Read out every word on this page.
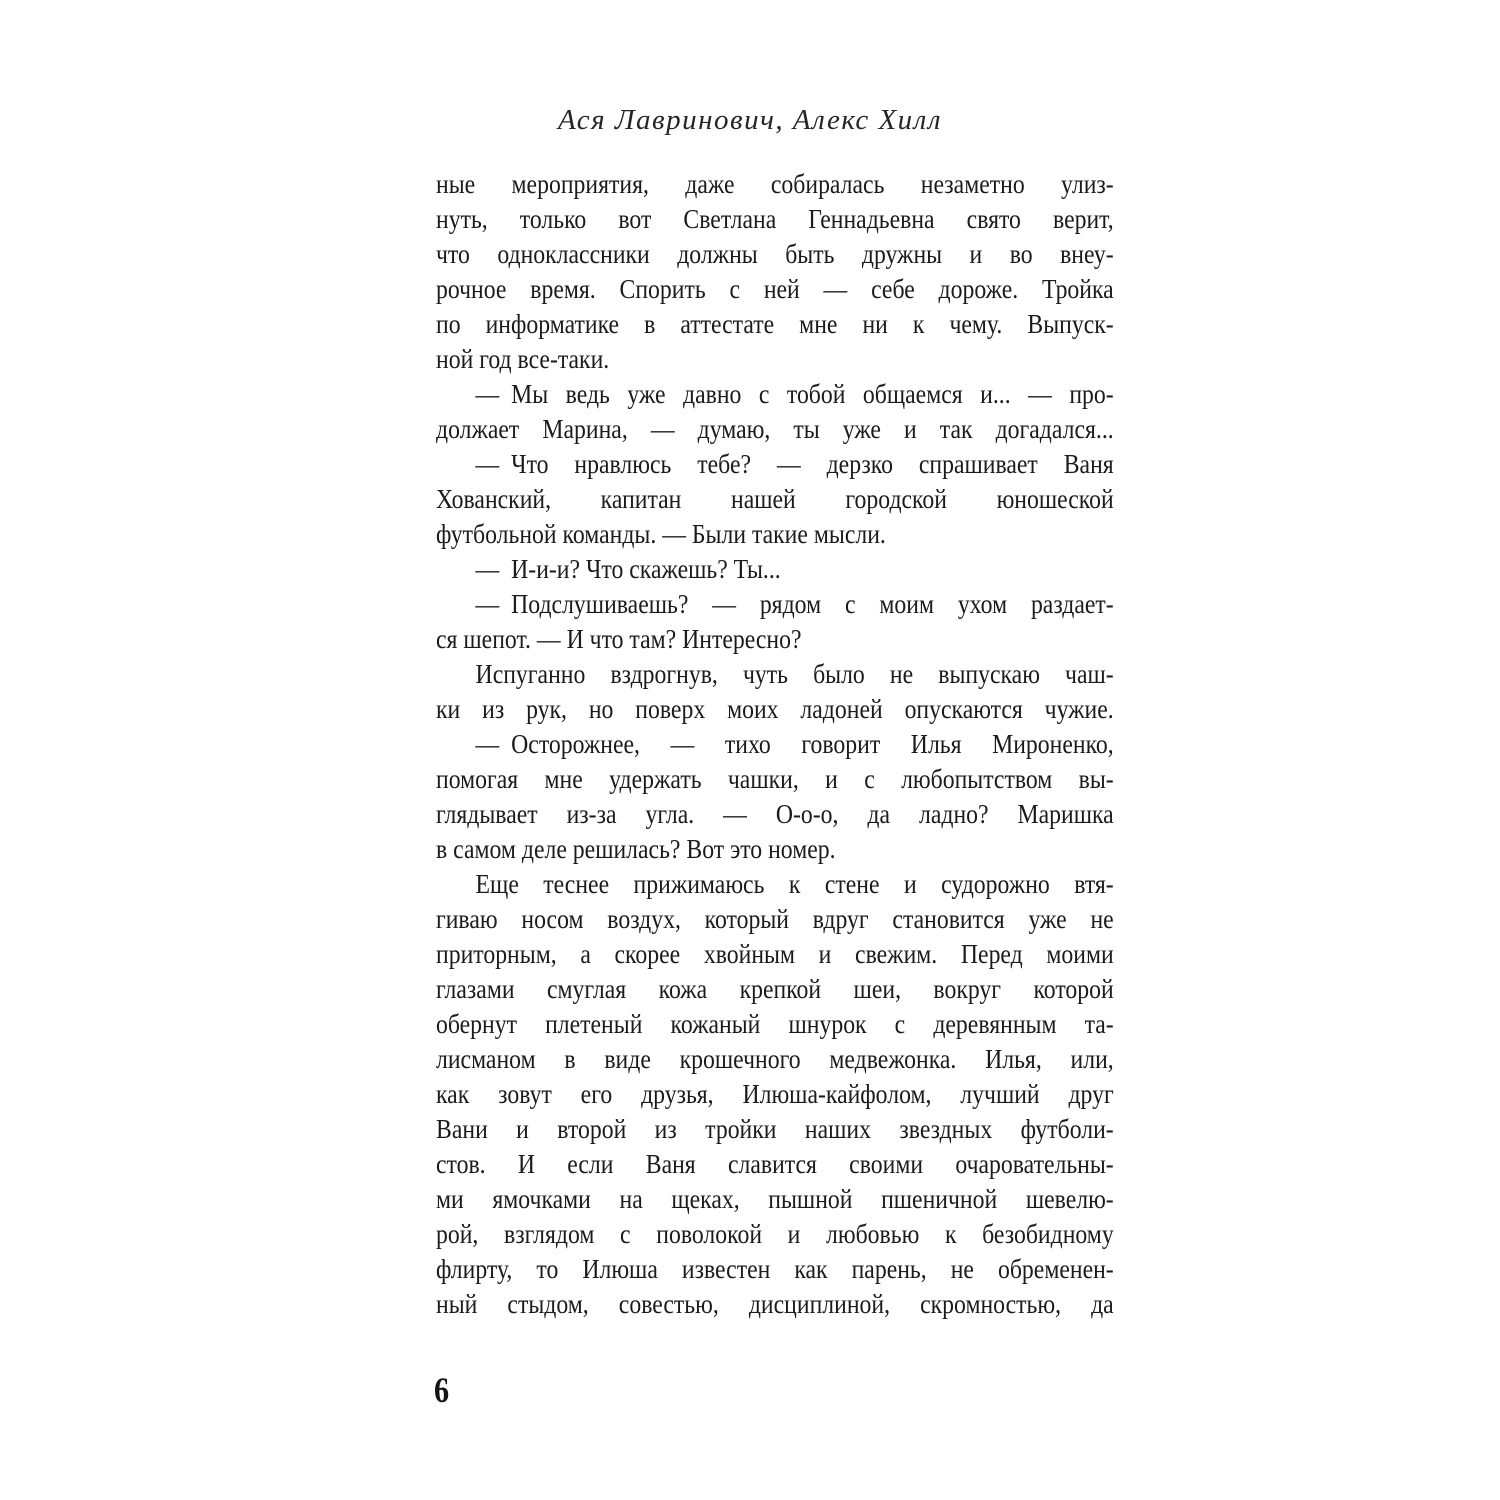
Ася Лавринович, Алекс Хилл
ные мероприятия, даже собиралась незаметно улиз-
нуть, только вот Светлана Геннадьевна свято верит,
что одноклассники должны быть дружны и во внеу-
рочное время. Спорить с ней — себе дороже. Тройка
по информатике в аттестате мне ни к чему. Выпуск-
ной год все-таки.
— Мы ведь уже давно с тобой общаемся и... — про-
должает Марина, — думаю, ты уже и так догадался...
— Что нравлюсь тебе? — дерзко спрашивает Ваня
Хованский, капитан нашей городской юношеской
футбольной команды. — Были такие мысли.
— И-и-и? Что скажешь? Ты...
— Подслушиваешь? — рядом с моим ухом раздает-
ся шепот. — И что там? Интересно?
Испуганно вздрогнув, чуть было не выпускаю чаш-
ки из рук, но поверх моих ладоней опускаются чужие.
— Осторожнее, — тихо говорит Илья Мироненко,
помогая мне удержать чашки, и с любопытством вы-
глядывает из-за угла. — О-о-о, да ладно? Маришка
в самом деле решилась? Вот это номер.
Еще теснее прижимаюсь к стене и судорожно втя-
гиваю носом воздух, который вдруг становится уже не
приторным, а скорее хвойным и свежим. Перед моими
глазами смуглая кожа крепкой шеи, вокруг которой
обернут плетеный кожаный шнурок с деревянным та-
лисманом в виде крошечного медвежонка. Илья, или,
как зовут его друзья, Илюша-кайфолом, лучший друг
Вани и второй из тройки наших звездных футболи-
стов. И если Ваня славится своими очаровательны-
ми ямочками на щеках, пышной пшеничной шевелю-
рой, взглядом с поволокой и любовью к безобидному
флирту, то Илюша известен как парень, не обременен-
ный стыдом, совестью, дисциплиной, скромностью, да
6
